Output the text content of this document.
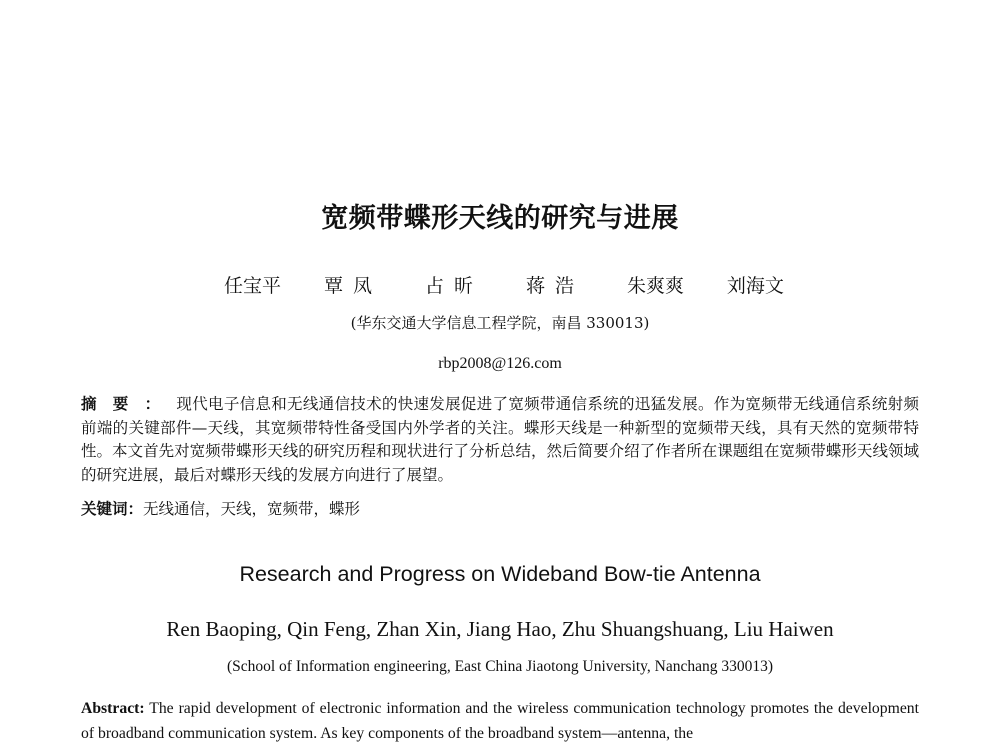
宽频带蝶形天线的研究与进展
任宝平 覃凤 占昕 蒋浩 朱爽爽 刘海文
(华东交通大学信息工程学院，南昌 330013)
rbp2008@126.com
摘要：现代电子信息和无线通信技术的快速发展促进了宽频带通信系统的迅猛发展。作为宽频带无线通信系统射频前端的关键部件—天线，其宽频带特性备受国内外学者的关注。蝶形天线是一种新型的宽频带天线，具有天然的宽频带特性。本文首先对宽频带蝶形天线的研究历程和现状进行了分析总结，然后简要介绍了作者所在课题组在宽频带蝶形天线领域的研究进展，最后对蝶形天线的发展方向进行了展望。
关键词：无线通信，天线，宽频带，蝶形
Research and Progress on Wideband Bow-tie Antenna
Ren Baoping, Qin Feng, Zhan Xin, Jiang Hao, Zhu Shuangshuang, Liu Haiwen
(School of Information engineering, East China Jiaotong University, Nanchang 330013)
Abstract: The rapid development of electronic information and the wireless communication technology promotes the development of broadband communication system. As key components of the broadband system—antenna, the
